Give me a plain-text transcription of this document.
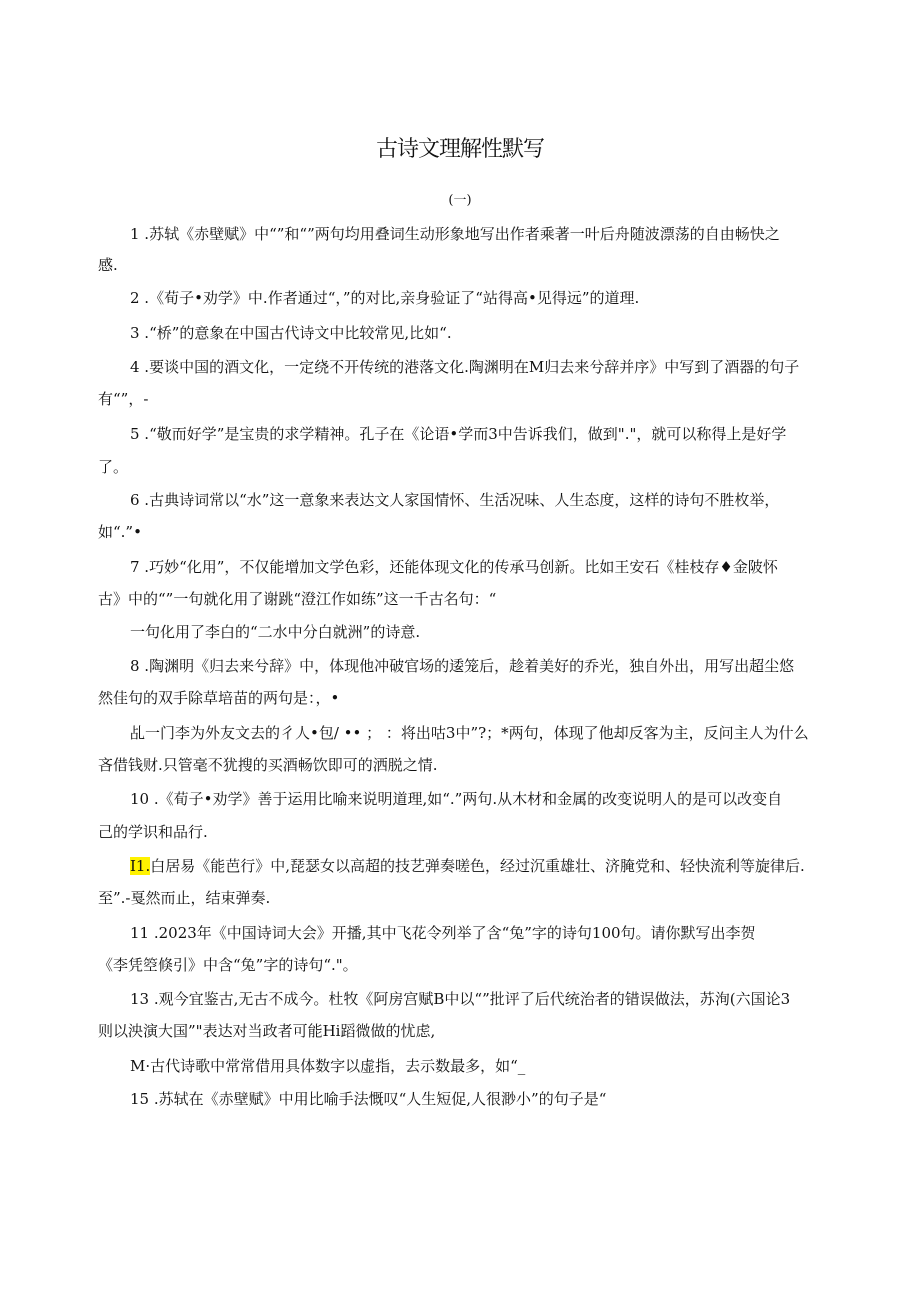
古诗文理解性默写
(一)
1 .苏轼《赤壁赋》中“”和“”两句均用叠词生动形象地写出作者乘著一叶后舟随波漂荡的自由畅快之
感.
2 .《荀子•劝学》中.作者通过“，”的对比,亲身验证了“站得高•见得远”的道理.
3 .“桥”的意象在中国古代诗文中比较常见,比如“.
4 .要谈中国的酒文化，一定绕不开传统的港落文化.陶渊明在M归去来兮辞并序》中写到了酒器的句子
有“”，-
5 .“敬而好学”是宝贵的求学精神。孔子在《论语•学而3中告诉我们，做到"."，就可以称得上是好学
了。
6 .古典诗词常以“水”这一意象来表达文人家国情怀、生活况味、人生态度，这样的诗句不胜枚举，
如“.”•
7 .巧妙“化用”，不仅能增加文学色彩，还能体现文化的传承马创新。比如王安石《桂枝存♦金陂怀
古》中的“”一句就化用了谢跳“澄江作如练”这一千古名句：“
一句化用了李白的“二水中分白就洲”的诗意.
8 .陶渊明《归去来兮辞》中，体现他冲破官场的逶笼后，趁着美好的乔光，独自外出，用写出超尘悠
然佳句的双手除草培苗的两句是：，•
乩一门李为外友文去的彳人•包/ •• ； ：将出咕3中”?；*两句，体现了他却反客为主，反问主人为什么
吝借钱财.只管毫不犹搜的买酒畅饮即可的洒脱之情.
10 .《荀子•劝学》善于运用比喻来说明道理,如“.”两句.从木材和金属的改变说明人的是可以改变自
己的学识和品行.
I1.白居易《能芭行》中,琵瑟女以高超的技艺弹奏嗟色，经过沉重雄壮、济腌党和、轻快流利等旋律后.
至”.-戛然而止，结束弹奏.
11 .2023年《中国诗词大会》开播,其中飞花令列举了含“兔”字的诗句100句。请你默写出李贺
《李凭箜倏引》中含“兔”字的诗句“."。
13 .观今宜鉴古,无古不成今。杜牧《阿房宫赋B中以“”批评了后代统治者的错误做法，苏洵(六国论3
则以泱演大国”"表达对当政者可能Hi蹈微做的忧虑,
M·古代诗歌中常常借用具体数字以虚指，去示数最多，如“_
15 .苏轼在《赤壁赋》中用比喻手法慨叹“人生短促,人很渺小”的句子是“
